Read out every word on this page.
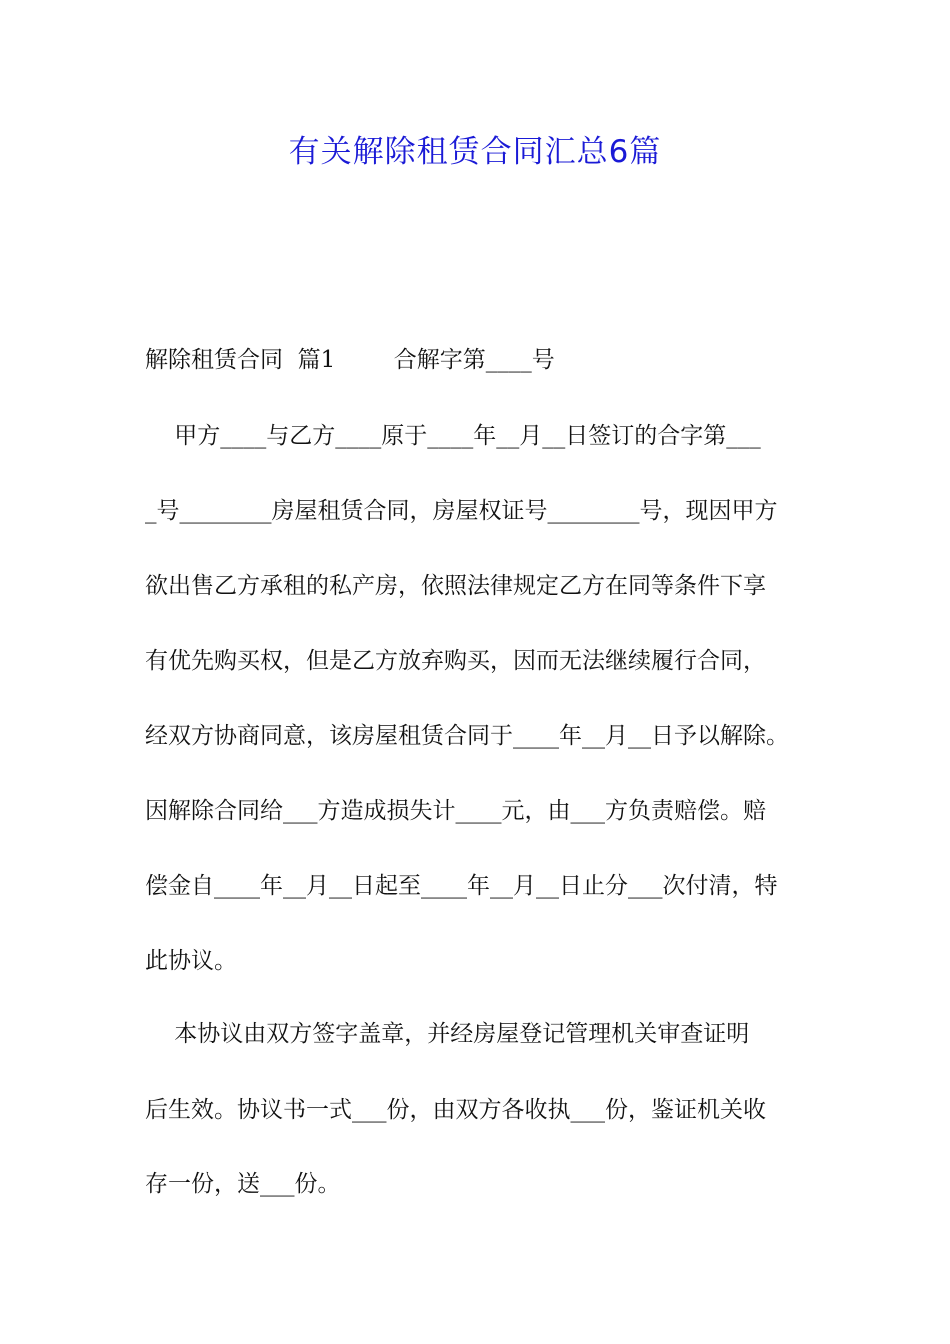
有关解除租赁合同汇总6篇
解除租赁合同  篇1        合解字第____号
甲方____与乙方____原于____年__月__日签订的合字第___
_号________房屋租赁合同，房屋权证号________号，现因甲方
欲出售乙方承租的私产房，依照法律规定乙方在同等条件下享
有优先购买权，但是乙方放弃购买，因而无法继续履行合同，
经双方协商同意，该房屋租赁合同于____年__月__日予以解除。
因解除合同给___方造成损失计____元，由___方负责赔偿。赔
偿金自____年__月__日起至____年__月__日止分___次付清，特
此协议。
本协议由双方签字盖章，并经房屋登记管理机关审查证明
后生效。协议书一式___份，由双方各收执___份，鉴证机关收
存一份，送___份。
